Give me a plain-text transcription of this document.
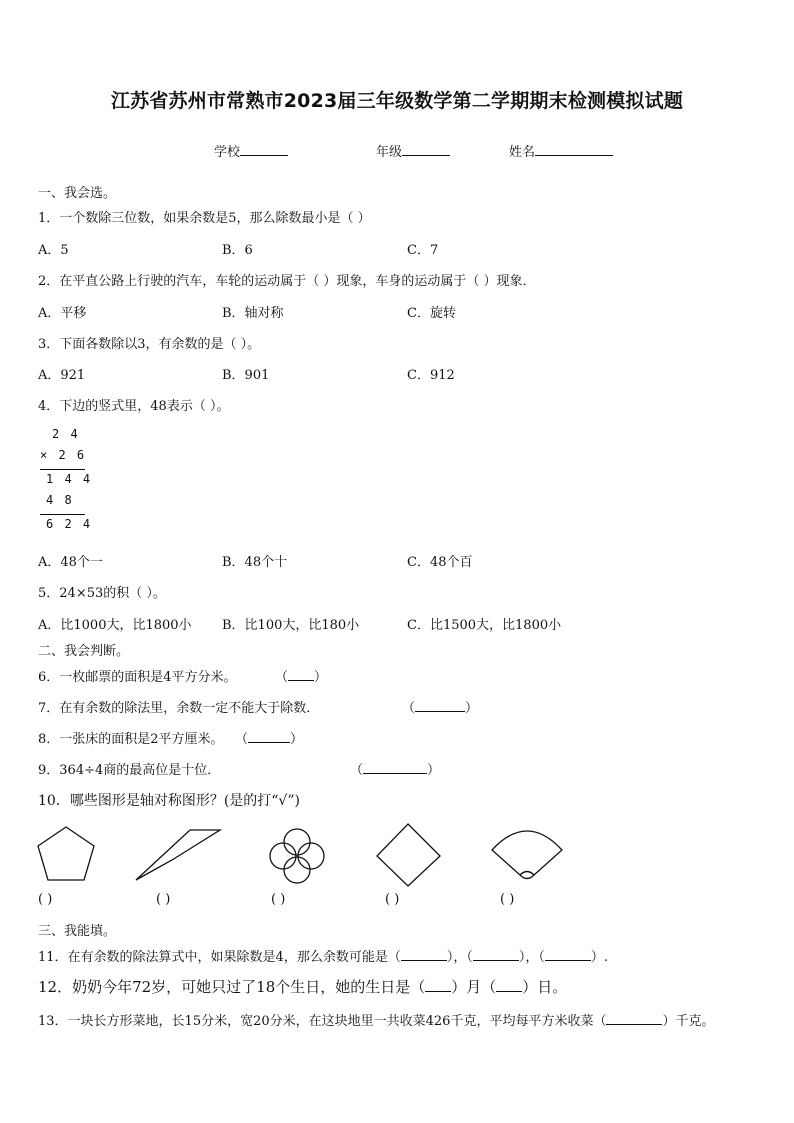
江苏省苏州市常熟市2023届三年级数学第二学期期末检测模拟试题
学校	年级	姓名
一、我会选。
1．一个数除三位数，如果余数是5，那么除数最小是（ ）
A．5	B．6	C．7
2．在平直公路上行驶的汽车，车轮的运动属于（ ）现象，车身的运动属于（ ）现象．
A．平移	B．轴对称	C．旋转
3．下面各数除以3，有余数的是（ ）。
A．921	B．901	C．912
4．下边的竖式里，48表示（ ）。
2 4
× 2 6
1 4 4
4 8
6 2 4
A．48个一	B．48个十	C．48个百
5．24×53的积（ ）。
A．比1000大，比1800小 B．比100大，比180小	C．比1500大，比1800小
二、我会判断。
6．一枚邮票的面积是4平方分米。	（ ）
7．在有余数的除法里，余数一定不能大于除数．	（	）
8．一张床的面积是2平方厘米。 （	）
9．364÷4商的最高位是十位．	（	）
10．哪些图形是轴对称图形？(是的打“√”)
( )	( )	( )	( )	( )
三、我能填。
11．在有余数的除法算式中，如果除数是4，那么余数可能是（	），（	），（	）.
12．奶奶今年72岁，可她只过了18个生日，她的生日是（ ）月（ ）日。
13．一块长方形菜地，长15分米，宽20分米，在这块地里一共收菜426千克，平均每平方米收菜（	）千克。
